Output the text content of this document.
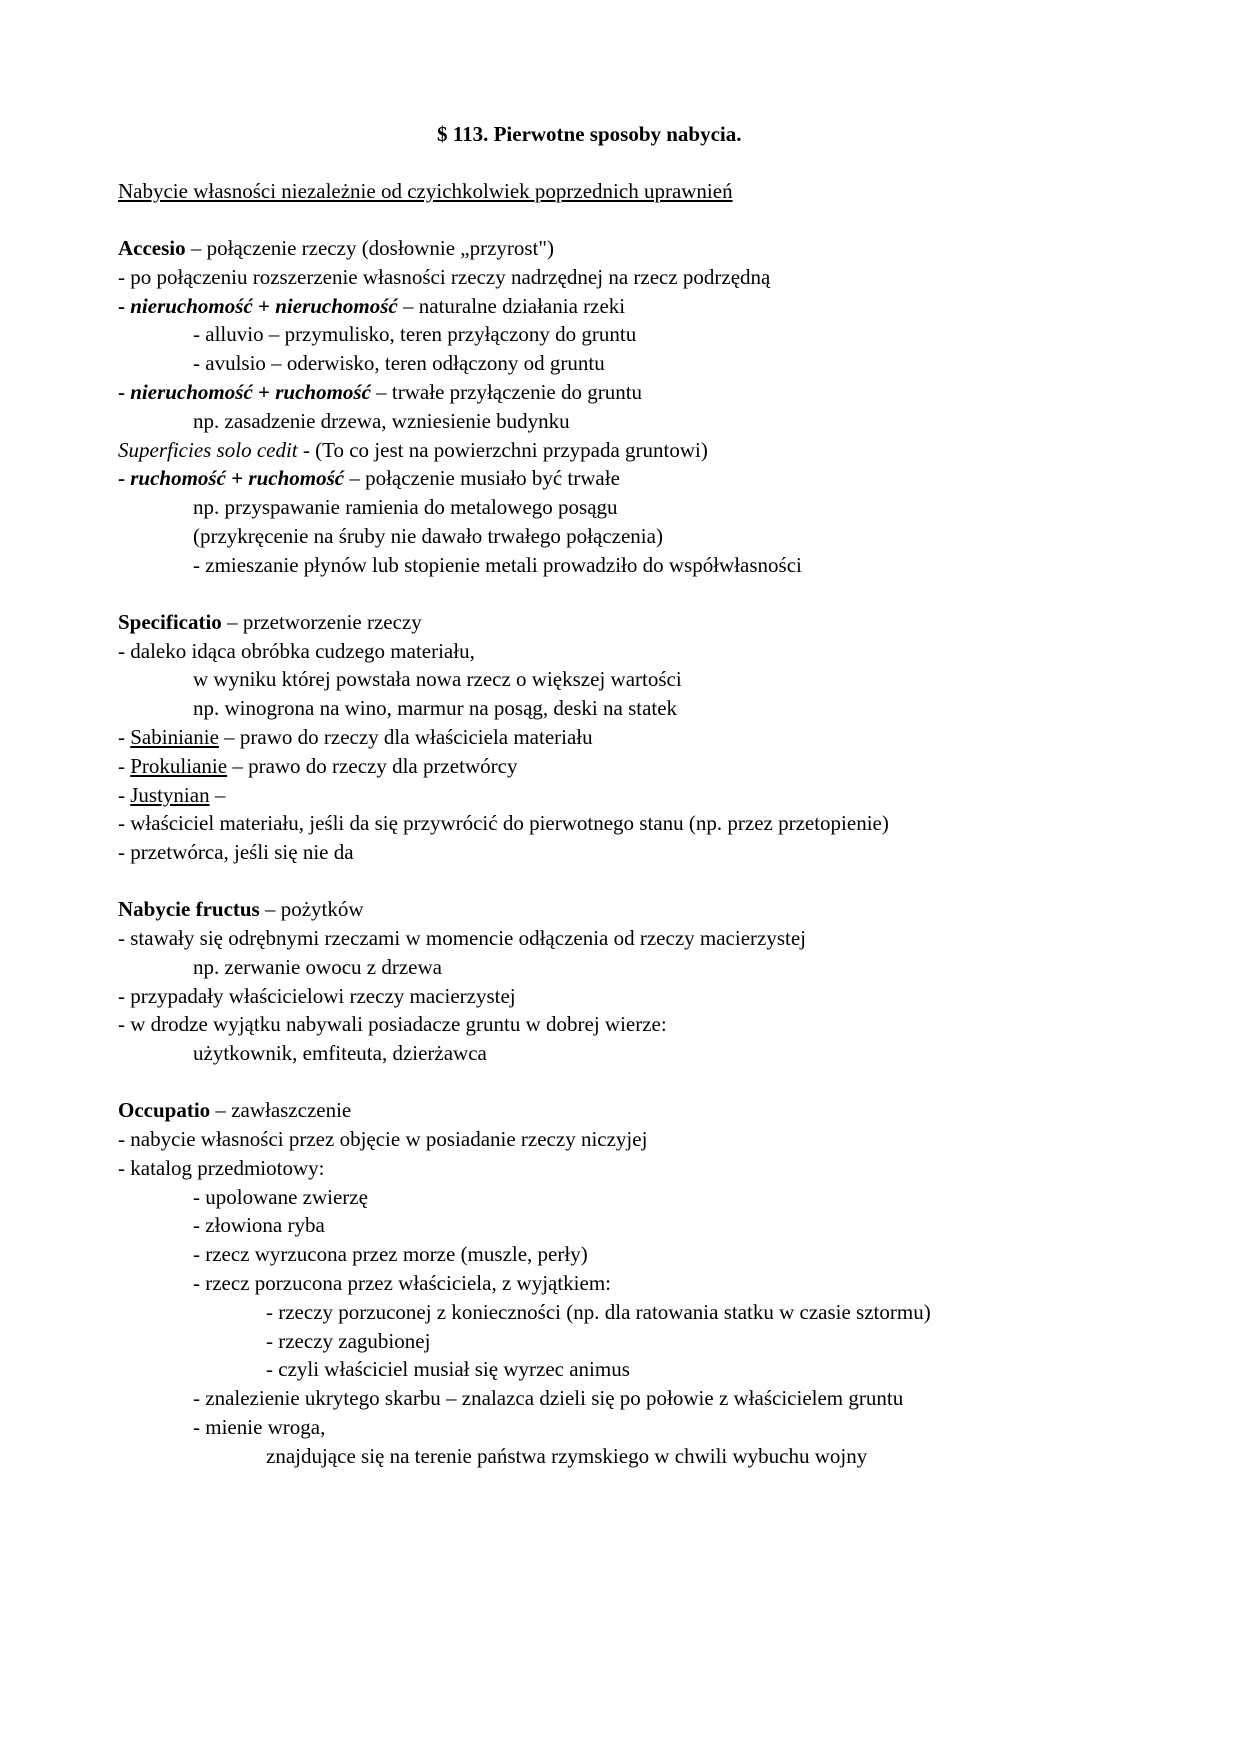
$ 113. Pierwotne sposoby nabycia.
Nabycie własności niezależnie od czyichkolwiek poprzednich uprawnień
Accesio – połączenie rzeczy (dosłownie „przyrost")
- po połączeniu rozszerzenie własności rzeczy nadrzędnej na rzecz podrzędną
- nieruchomość + nieruchomość – naturalne działania rzeki
- alluvio – przymulisko, teren przyłączony do gruntu
- avulsio – oderwisko, teren odłączony od gruntu
- nieruchomość + ruchomość – trwałe przyłączenie do gruntu
np. zasadzenie drzewa, wzniesienie budynku
Superficies solo cedit - (To co jest na powierzchni przypada gruntowi)
- ruchomość + ruchomość – połączenie musiało być trwałe
np. przyspawanie ramienia do metalowego posągu
(przykręcenie na śruby nie dawało trwałego połączenia)
- zmieszanie płynów lub stopienie metali prowadziło do współwłasności
Specificatio – przetworzenie rzeczy
- daleko idąca obróbka cudzego materiału,
w wyniku której powstała nowa rzecz o większej wartości
np. winogrona na wino, marmur na posąg, deski na statek
- Sabinianie – prawo do rzeczy dla właściciela materiału
- Prokulianie – prawo do rzeczy dla przetwórcy
- Justynian –
- właściciel materiału, jeśli da się przywrócić do pierwotnego stanu (np. przez przetopienie)
- przetwórca, jeśli się nie da
Nabycie fructus – pożytków
- stawały się odrębnymi rzeczami w momencie odłączenia od rzeczy macierzystej
np. zerwanie owocu z drzewa
- przypadały właścicielowi rzeczy macierzystej
- w drodze wyjątku nabywali posiadacze gruntu w dobrej wierze:
użytkownik, emfiteuta, dzierżawca
Occupatio – zawłaszczenie
- nabycie własności przez objęcie w posiadanie rzeczy niczyjej
- katalog przedmiotowy:
- upolowane zwierzę
- złowiona ryba
- rzecz wyrzucona przez morze (muszle, perły)
- rzecz porzucona przez właściciela, z wyjątkiem:
- rzeczy porzuconej z konieczności (np. dla ratowania statku w czasie sztormu)
- rzeczy zagubionej
- czyli właściciel musiał się wyrzec animus
- znalezienie ukrytego skarbu – znalazca dzieli się po połowie z właścicielem gruntu
- mienie wroga,
znajdujące się na terenie państwa rzymskiego w chwili wybuchu wojny
